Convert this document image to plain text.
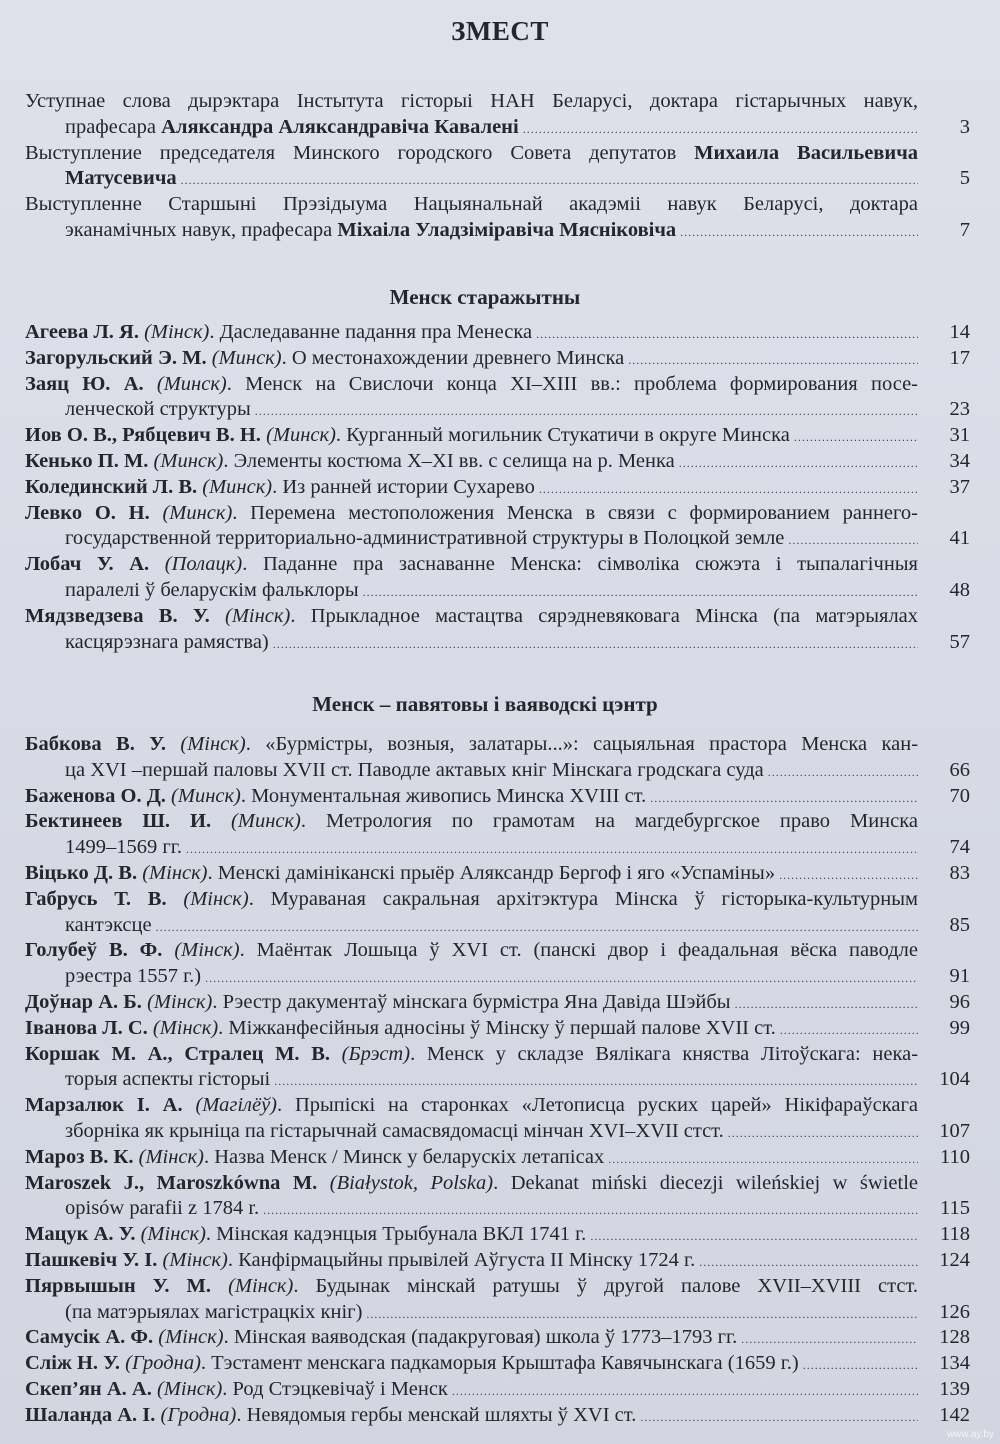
ЗМЕСТ
Уступнае слова дырэктара Інстытута гісторыі НАН Беларусі, доктара гістарычных навук,
прафесара Аляксандра Аляксандравіча Кавалені .....	3
Выступление председателя Минского городского Совета депутатов Михаила Васильевича
Матусевича .....	5
Выступленне Старшыні Прэзідыума Нацыянальнай акадэміі навук Беларусі, доктара
эканамічных навук, прафесара Міхаіла Уладзіміравіча Мясніковіча .....	7
Менск старажытны
Агеева Л. Я. (Мінск). Даследаванне падання пра Менеска .....	14
Загорульский Э. М. (Минск). О местонахождении древнего Минска .....	17
Заяц Ю. А. (Минск). Менск на Свислочи конца XI–XIII вв.: проблема формирования посе-
ленческой структуры .....	23
Иов О. В., Рябцевич В. Н. (Минск). Курганный могильник Стукатичи в округе Минска .....	31
Кенько П. М. (Минск). Элементы костюма X–XI вв. с селища на р. Менка .....	34
Колединский Л. В. (Минск). Из ранней истории Сухарево .....	37
Левко О. Н. (Минск). Перемена местоположения Менска в связи с формированием раннего-
государственной территориально-административной структуры в Полоцкой земле .....	41
Лобач У. А. (Полацк). Паданне пра заснаванне Менска: сімволіка сюжэта і тыпалагічныя
паралелі ў беларускім фальклоры .....	48
Мядзведзева В. У. (Мінск). Прыкладное мастацтва сярэдневяковага Мінска (па матэрыялах
касцярэзнага рамяства) .....	57
Менск – павятовы і ваяводскі цэнтр
Бабкова В. У. (Мінск). «Бурмістры, возныя, залатары...»: сацыяльная прастора Менска кан-
ца XVI –першай паловы XVII ст. Паводле актавых кніг Мінскага гродскага суда .....	66
Баженова О. Д. (Минск). Монументальная живопись Минска XVIII ст. .....	70
Бектинеев Ш. И. (Минск). Метрология по грамотам на магдебургское право Минска
1499–1569 гг. .....	74
Віцько Д. В. (Мінск). Менскі дамініканскі прыёр Аляксандр Бергоф і яго «Успаміны» .....	83
Габрусь Т. В. (Мінск). Мураваная сакральная архітэктура Мінска ў гісторыка-культурным
кантэксце .....	85
Голубеў В. Ф. (Мінск). Маёнтак Лошыца ў XVI ст. (панскі двор і феадальная вёска паводле
рэестра 1557 г.) .....	91
Доўнар А. Б. (Мінск). Рэестр дакументаў мінскага бурмістра Яна Давіда Шэйбы .....	96
Іванова Л. С. (Мінск). Міжканфесійныя адносіны ў Мінску ў першай палове XVII ст. .....	99
Коршак М. А., Стралец М. В. (Брэст). Менск у складзе Вялікага княства Літоўскага: нека-
торыя аспекты гісторыі .....	104
Марзалюк І. А. (Магілёў). Прыпіскі на старонках «Летописца руских царей» Нікіфараўскага
зборніка як крыніца па гістарычнай самасвядомасці мінчан XVI–XVII стст. .....	107
Мароз В. К. (Мінск). Назва Менск / Минск у беларускіх летапісах .....	110
Maroszek J., Maroszkówna M. (Białystok, Polska). Dekanat miński diecezji wileńskiej w świetle
opisów parafii z 1784 r. .....	115
Мацук А. У. (Мінск). Мінская кадэнцыя Трыбунала ВКЛ 1741 г. .....	118
Пашкевіч У. І. (Мінск). Канфірмацыйны прывілей Аўгуста II Мінску 1724 г. .....	124
Пярвышын У. М. (Мінск). Будынак мінскай ратушы ў другой палове XVII–XVIII стст.
(па матэрыялах магістрацкіх кніг) .....	126
Самусік А. Ф. (Мінск). Мінская ваяводская (падакруговая) школа ў 1773–1793 гг. .....	128
Сліж Н. У. (Гродна). Тэстамент менскага падкаморыя Крыштафа Кавячынскага (1659 г.) .....	134
Скеп’ян А. А. (Мінск). Род Стэцкевічаў і Менск .....	139
Шаланда А. І. (Гродна). Невядомыя гербы менскай шляхты ў XVI ст. .....	142
www.ay.by
